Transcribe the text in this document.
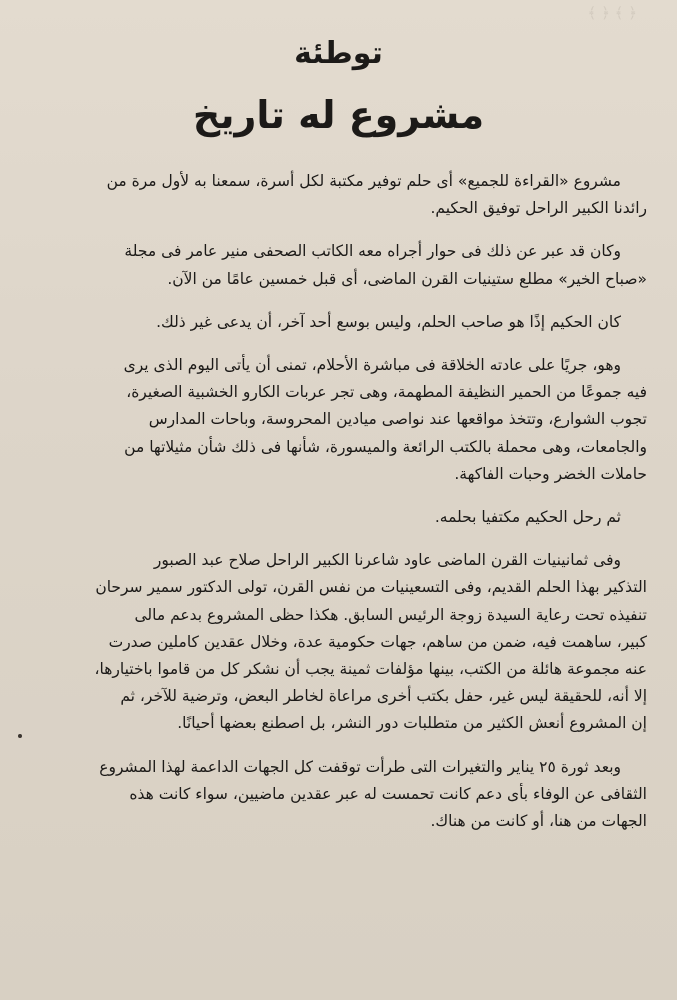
﴿ ﴾ ﴿ ﴾
توطئة
مشروع له تاريخ
مشروع «القراءة للجميع» أى حلم توفير مكتبة لكل أسرة، سمعنا به لأول مرة من
رائدنا الكبير الراحل توفيق الحكيم.
وكان قد عبر عن ذلك فى حوار أجراه معه الكاتب الصحفى منير عامر فى مجلة
«صباح الخير» مطلع ستينيات القرن الماضى، أى قبل خمسين عامًا من الآن.
كان الحكيم إذًا هو صاحب الحلم، وليس بوسع أحد آخر، أن يدعى غير ذلك.
وهو، جريًا على عادته الخلاقة فى مباشرة الأحلام، تمنى أن يأتى اليوم الذى يرى
فيه جموعًا من الحمير النظيفة المطهمة، وهى تجر عربات الكارو الخشبية الصغيرة،
تجوب الشوارع، وتتخذ مواقعها عند نواصى ميادين المحروسة، وباحات المدارس
والجامعات، وهى محملة بالكتب الرائعة والميسورة، شأنها فى ذلك شأن مثيلاتها من
حاملات الخضر وحبات الفاكهة.
ثم رحل الحكيم مكتفيا بحلمه.
وفى ثمانينيات القرن الماضى عاود شاعرنا الكبير الراحل صلاح عبد الصبور
التذكير بهذا الحلم القديم، وفى التسعينيات من نفس القرن، تولى الدكتور سمير سرحان
تنفيذه تحت رعاية السيدة زوجة الرئيس السابق. هكذا حظى المشروع بدعم مالى
كبير، ساهمت فيه، ضمن من ساهم، جهات حكومية عدة، وخلال عقدين كاملين صدرت
عنه مجموعة هائلة من الكتب، بينها مؤلفات ثمينة يجب أن نشكر كل من قاموا باختيارها،
إلا أنه، للحقيقة ليس غير، حفل بكتب أخرى مراعاة لخاطر البعض، وترضية للآخر، ثم
إن المشروع أنعش الكثير من متطلبات دور النشر، بل اصطنع بعضها أحيانًا.
وبعد ثورة ٢٥ يناير والتغيرات التى طرأت توقفت كل الجهات الداعمة لهذا المشروع
الثقافى عن الوفاء بأى دعم كانت تحمست له عبر عقدين ماضيين، سواء كانت هذه
الجهات من هنا، أو كانت من هناك.
